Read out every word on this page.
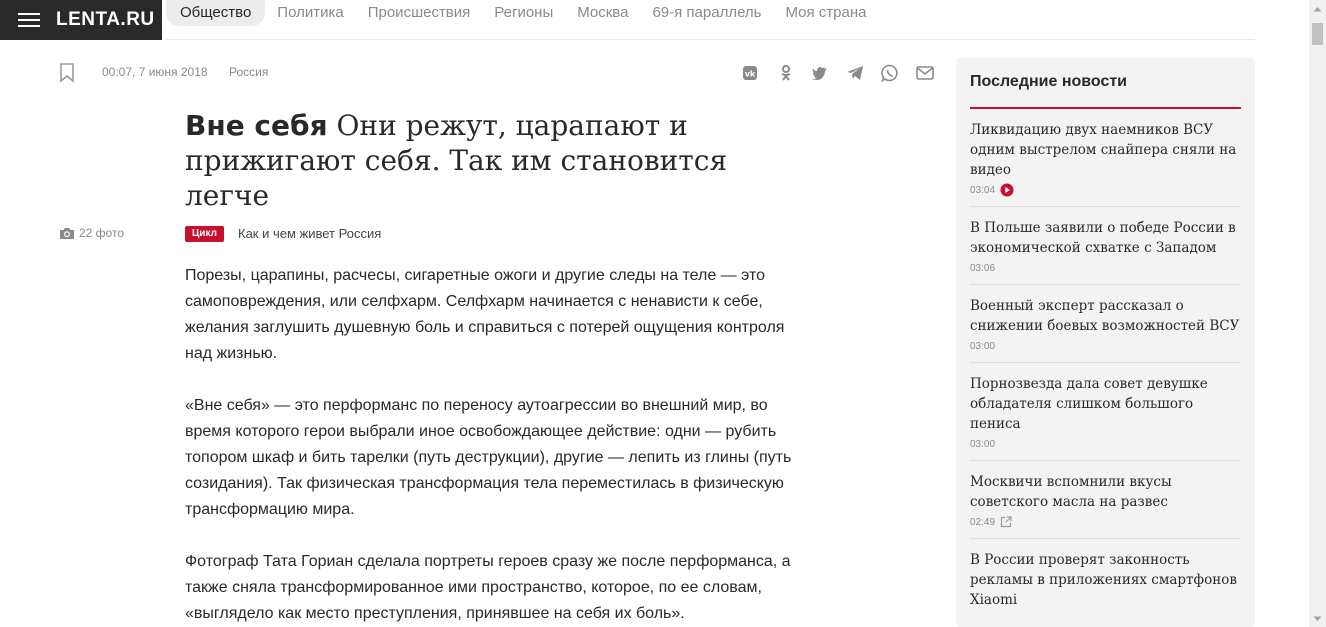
LENTA.RU	Общество	Политика	Происшествия	Регионы	Москва	69-я параллель	Моя страна
00:07, 7 июня 2018 Россия	vk
Вне себя Они режут, царапают и прижигают себя. Так им становится легче
22 фото	Цикл	Как и чем живет Россия

Порезы, царапины, расчесы, сигаретные ожоги и другие следы на теле — это самоповреждения, или селфхарм. Селфхарм начинается с ненависти к себе, желания заглушить душевную боль и справиться с потерей ощущения контроля над жизнью.

«Вне себя» — это перформанс по переносу аутоагрессии во внешний мир, во время которого герои выбрали иное освобождающее действие: одни — рубить топором шкаф и бить тарелки (путь деструкции), другие — лепить из глины (путь созидания). Так физическая трансформация тела переместилась в физическую трансформацию мира.

Фотограф Тата Гориан сделала портреты героев сразу же после перформанса, а также сняла трансформированное ими пространство, которое, по ее словам, «выглядело как место преступления, принявшее на себя их боль».

Последние новости
Ликвидацию двух наемников ВСУ одним выстрелом снайпера сняли на видео
03:04
В Польше заявили о победе России в экономической схватке с Западом
03:06
Военный эксперт рассказал о снижении боевых возможностей ВСУ
03:00
Порнозвезда дала совет девушке обладателя слишком большого пениса
03:00
Москвичи вспомнили вкусы советского масла на развес
02:49
В России проверят законность рекламы в приложениях смартфонов Xiaomi
